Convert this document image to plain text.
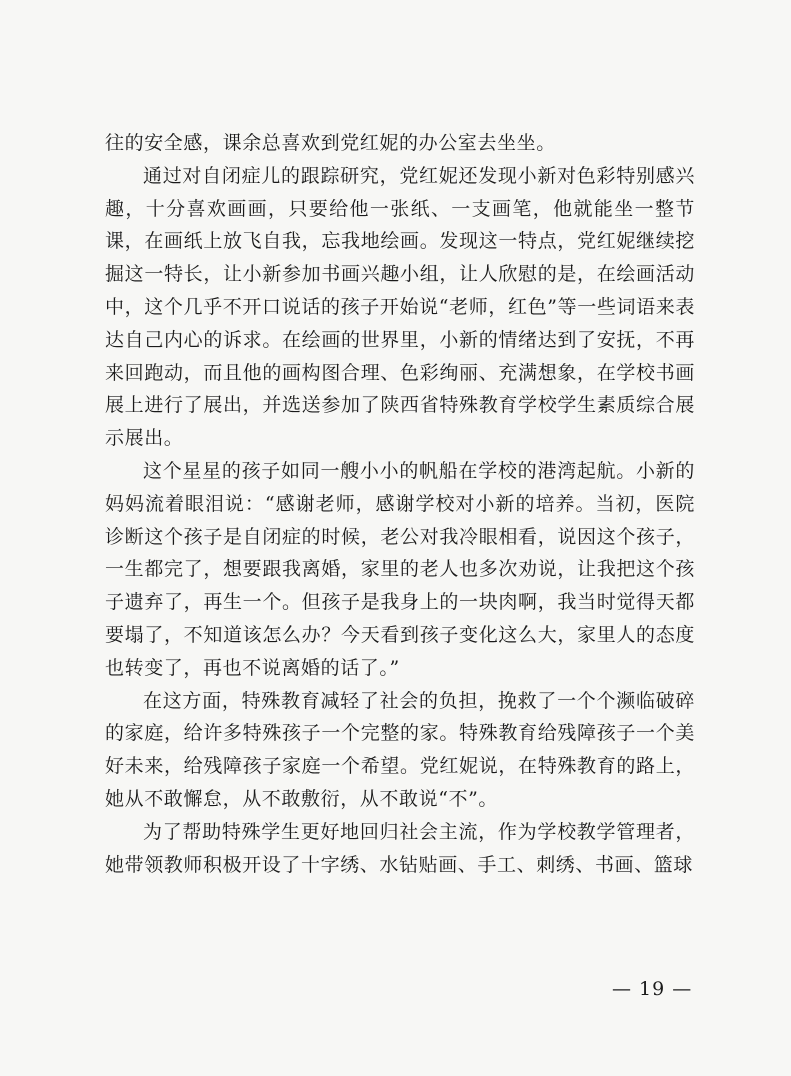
往的安全感，课余总喜欢到党红妮的办公室去坐坐。

通过对自闭症儿的跟踪研究，党红妮还发现小新对色彩特别感兴趣，十分喜欢画画，只要给他一张纸、一支画笔，他就能坐一整节课，在画纸上放飞自我，忘我地绘画。发现这一特点，党红妮继续挖掘这一特长，让小新参加书画兴趣小组，让人欣慰的是，在绘画活动中，这个几乎不开口说话的孩子开始说“老师，红色”等一些词语来表达自己内心的诉求。在绘画的世界里，小新的情绪达到了安抚，不再来回跑动，而且他的画构图合理、色彩绚丽、充满想象，在学校书画展上进行了展出，并选送参加了陕西省特殊教育学校学生素质综合展示展出。

这个星星的孩子如同一艘小小的帆船在学校的港湾起航。小新的妈妈流着眼泪说：“感谢老师，感谢学校对小新的培养。当初，医院诊断这个孩子是自闭症的时候，老公对我冷眼相看，说因这个孩子，一生都完了，想要跟我离婚，家里的老人也多次劝说，让我把这个孩子遗弃了，再生一个。但孩子是我身上的一块肉啊，我当时觉得天都要塌了，不知道该怎么办？今天看到孩子变化这么大，家里人的态度也转变了，再也不说离婚的话了。”

在这方面，特殊教育减轻了社会的负担，挽救了一个个濒临破碎的家庭，给许多特殊孩子一个完整的家。特殊教育给残障孩子一个美好未来，给残障孩子家庭一个希望。党红妮说，在特殊教育的路上，她从不敢懈怠，从不敢敷衍，从不敢说“不”。

为了帮助特殊学生更好地回归社会主流，作为学校教学管理者，她带领教师积极开设了十字绣、水钻贴画、手工、刺绣、书画、篮球

— 19 —
